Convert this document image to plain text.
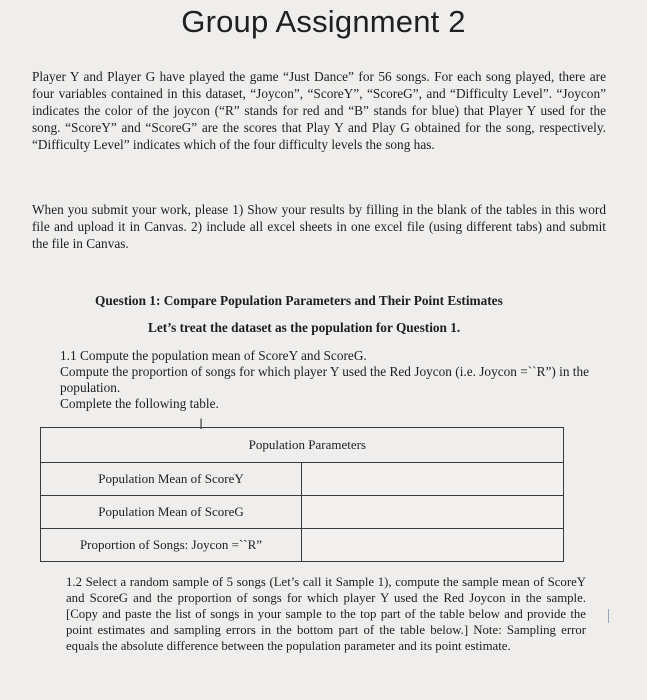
Group Assignment 2
Player Y and Player G have played the game “Just Dance” for 56 songs. For each song played, there are four variables contained in this dataset, “Joycon”, “ScoreY”, “ScoreG”, and “Difficulty Level”. “Joycon” indicates the color of the joycon (“R” stands for red and “B” stands for blue) that Player Y used for the song. “ScoreY” and “ScoreG” are the scores that Play Y and Play G obtained for the song, respectively. “Difficulty Level” indicates which of the four difficulty levels the song has.
When you submit your work, please 1) Show your results by filling in the blank of the tables in this word file and upload it in Canvas. 2) include all excel sheets in one excel file (using different tabs) and submit the file in Canvas.
Question 1: Compare Population Parameters and Their Point Estimates
Let’s treat the dataset as the population for Question 1.
1.1 Compute the population mean of ScoreY and ScoreG.
Compute the proportion of songs for which player Y used the Red Joycon (i.e. Joycon =``R”) in the population.
Complete the following table.
I
Population Parameters	
Population Mean of ScoreY	
Population Mean of ScoreG	
Proportion of Songs: Joycon =``R”	
1.2 Select a random sample of 5 songs (Let’s call it Sample 1), compute the sample mean of ScoreY and ScoreG and the proportion of songs for which player Y used the Red Joycon in the sample. [Copy and paste the list of songs in your sample to the top part of the table below and provide the point estimates and sampling errors in the bottom part of the table below.] Note: Sampling error equals the absolute difference between the population parameter and its point estimate.
